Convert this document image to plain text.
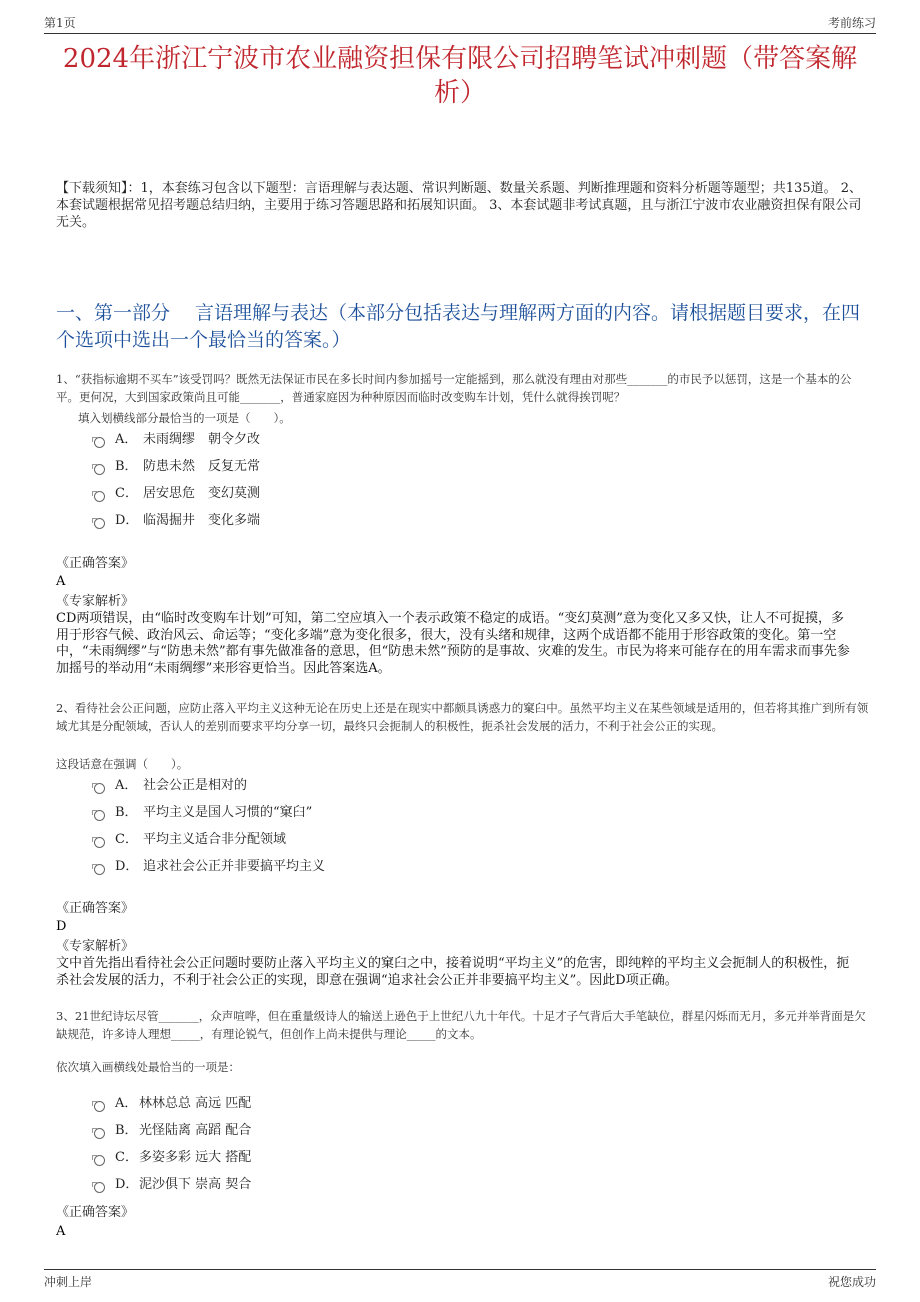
第1页	考前练习
2024年浙江宁波市农业融资担保有限公司招聘笔试冲刺题（带答案解析）
【下载须知】：1，本套练习包含以下题型：言语理解与表达题、常识判断题、数量关系题、判断推理题和资料分析题等题型；共135道。 2、本套试题根据常见招考题总结归纳，主要用于练习答题思路和拓展知识面。 3、本套试题非考试真题，且与浙江宁波市农业融资担保有限公司无关。
一、第一部分　 言语理解与表达（本部分包括表达与理解两方面的内容。请根据题目要求，在四个选项中选出一个最恰当的答案。）
1、“获指标逾期不买车”该受罚吗？既然无法保证市民在多长时间内参加摇号一定能摇到，那么就没有理由对那些_______的市民予以惩罚，这是一个基本的公平。更何况，大到国家政策尚且可能_______，普通家庭因为种种原因而临时改变购车计划，凭什么就得挨罚呢？
填入划横线部分最恰当的一项是（　　）。
A． 未雨绸缪　朝令夕改
B． 防患未然　反复无常
C． 居安思危　变幻莫测
D． 临渴掘井　变化多端
《正确答案》
A
《专家解析》
CD两项错误，由“临时改变购车计划”可知，第二空应填入一个表示政策不稳定的成语。“变幻莫测”意为变化又多又快，让人不可捉摸，多用于形容气候、政治风云、命运等；“变化多端”意为变化很多，很大，没有头绪和规律，这两个成语都不能用于形容政策的变化。第一空中，“未雨绸缪”与“防患未然”都有事先做准备的意思，但“防患未然”预防的是事故、灾难的发生。市民为将来可能存在的用车需求而事先参加摇号的举动用“未雨绸缪”来形容更恰当。因此答案选A。
2、看待社会公正问题，应防止落入平均主义这种无论在历史上还是在现实中都颇具诱惑力的窠臼中。虽然平均主义在某些领域是适用的，但若将其推广到所有领域尤其是分配领域，否认人的差别而要求平均分享一切，最终只会扼制人的积极性，扼杀社会发展的活力，不利于社会公正的实现。
这段话意在强调（　　）。
A． 社会公正是相对的
B． 平均主义是国人习惯的“窠臼”
C． 平均主义适合非分配领域
D． 追求社会公正并非要搞平均主义
《正确答案》
D
《专家解析》
文中首先指出看待社会公正问题时要防止落入平均主义的窠臼之中，接着说明“平均主义”的危害，即纯粹的平均主义会扼制人的积极性，扼杀社会发展的活力，不利于社会公正的实现，即意在强调“追求社会公正并非要搞平均主义”。因此D项正确。
3、21世纪诗坛尽管_______，众声喧哗，但在重量级诗人的输送上逊色于上世纪八九十年代。十足才子气背后大手笔缺位，群星闪烁而无月，多元并举背面是欠缺规范，许多诗人理想_____，有理论锐气，但创作上尚未提供与理论_____的文本。
依次填入画横线处最恰当的一项是：
A． 林林总总 高远 匹配
B． 光怪陆离 高蹈 配合
C． 多姿多彩 远大 搭配
D． 泥沙俱下 崇高 契合
《正确答案》
A
冲刺上岸	祝您成功
